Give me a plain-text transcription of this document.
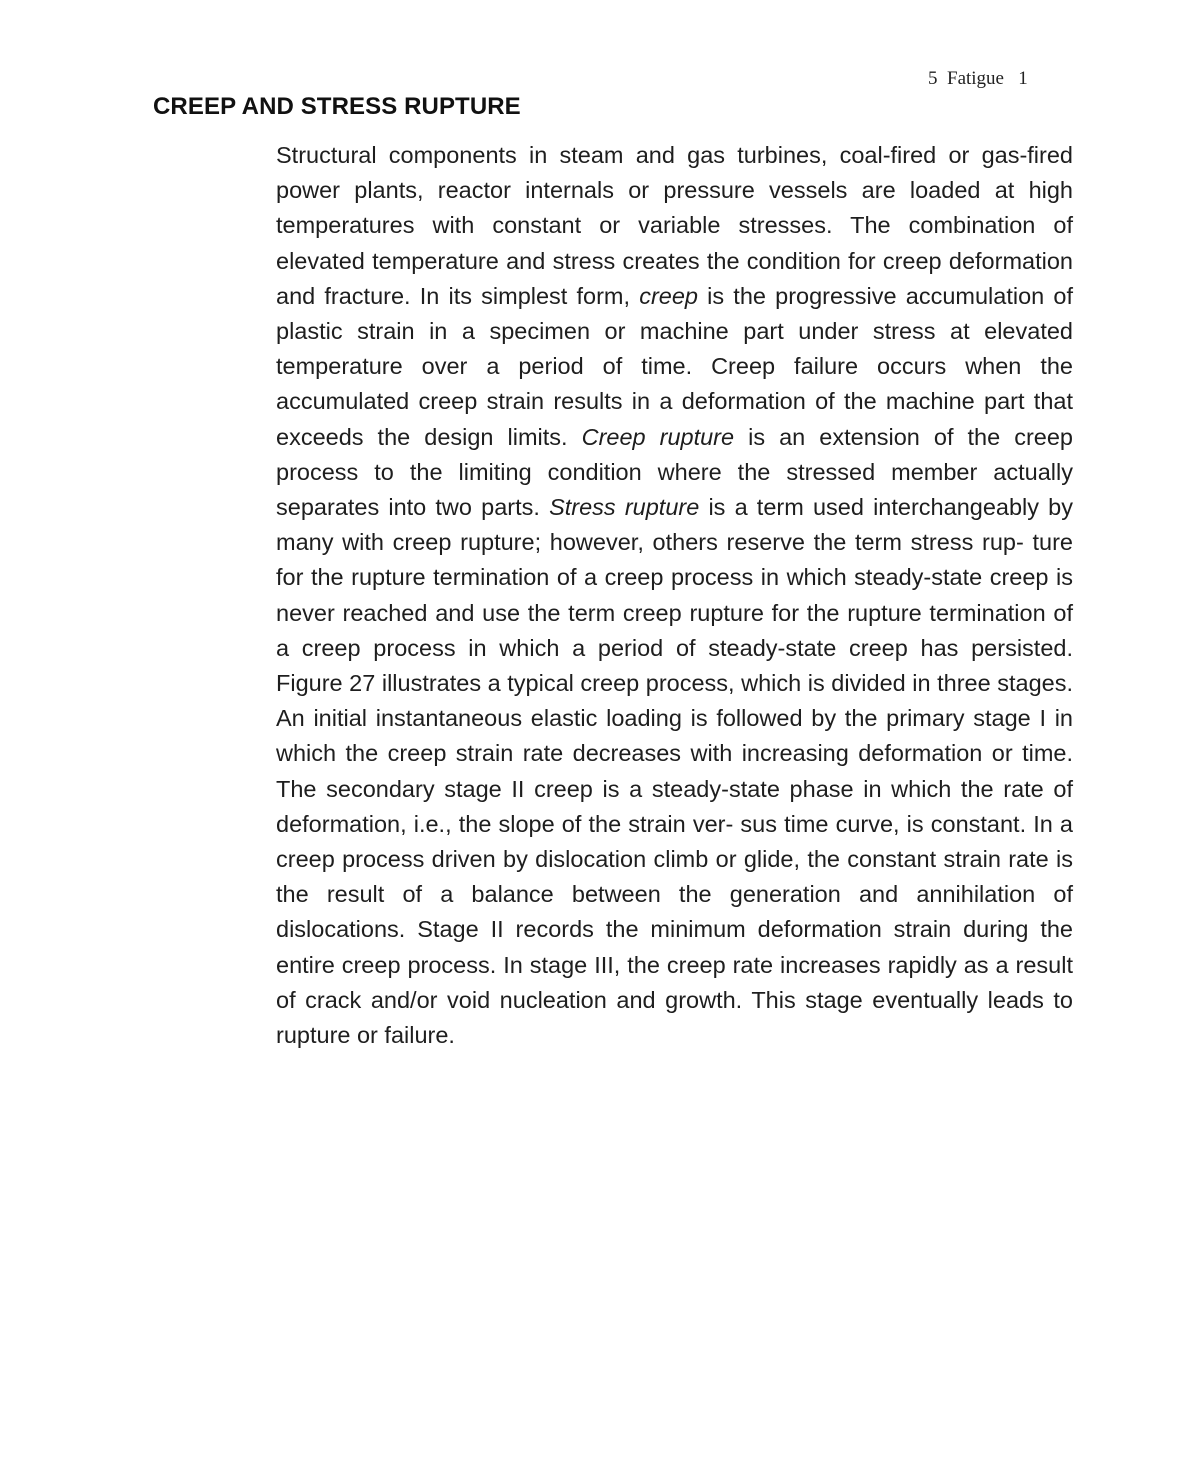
5  Fatigue   1
CREEP AND STRESS RUPTURE

Structural components in steam and gas turbines, coal-fired or gas-fired power plants, reactor internals or pressure vessels are loaded at high temperatures with constant or variable stresses. The combination of elevated temperature and stress creates the condition for creep deformation and fracture. In its simplest form, creep is the progressive accumulation of plastic strain in a specimen or machine part under stress at elevated temperature over a period of time. Creep failure occurs when the accumulated creep strain results in a deformation of the machine part that exceeds the design limits. Creep rupture is an extension of the creep process to the limiting condition where the stressed member actually separates into two parts. Stress rupture is a term used interchangeably by many with creep rupture; however, others reserve the term stress rup- ture for the rupture termination of a creep process in which steady-state creep is never reached and use the term creep rupture for the rupture termination of a creep process in which a period of steady-state creep has persisted. Figure 27 illustrates a typical creep process, which is divided in three stages. An initial instantaneous elastic loading is followed by the primary stage I in which the creep strain rate decreases with increasing deformation or time. The secondary stage II creep is a steady-state phase in which the rate of deformation, i.e., the slope of the strain ver- sus time curve, is constant. In a creep process driven by dislocation climb or glide, the constant strain rate is the result of a balance between the generation and annihilation of dislocations. Stage II records the minimum deformation strain during the entire creep process. In stage III, the creep rate increases rapidly as a result of crack and/or void nucleation and growth. This stage eventually leads to rupture or failure.
